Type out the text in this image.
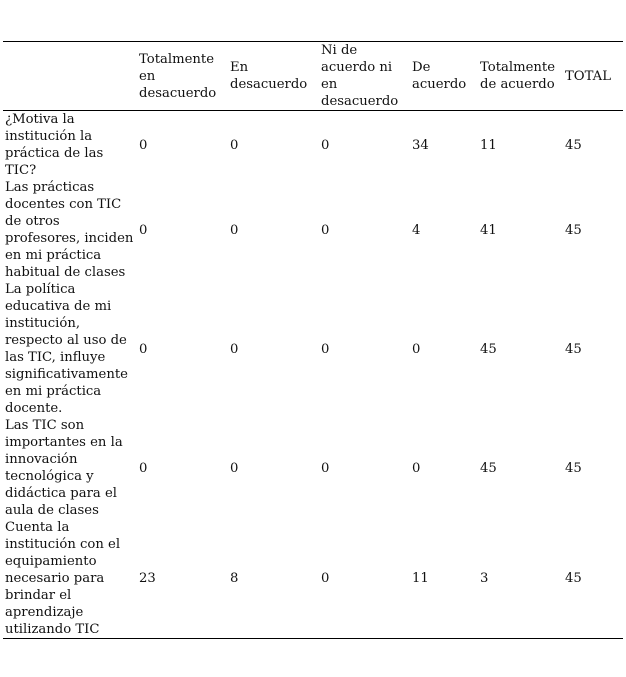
	Totalmente en desacuerdo	En desacuerdo	Ni de acuerdo ni en desacuerdo	De acuerdo	Totalmente de acuerdo	TOTAL
¿Motiva la institución la práctica de las TIC?	0	0	0	34	11	45
Las prácticas docentes con TIC de otros profesores, inciden en mi práctica habitual de clases	0	0	0	4	41	45
La política educativa de mi institución, respecto al uso de las TIC, influye significativamente en mi práctica docente.	0	0	0	0	45	45
Las TIC son importantes en la innovación tecnológica y didáctica para el aula de clases	0	0	0	0	45	45
Cuenta la institución con el equipamiento necesario para brindar el aprendizaje utilizando TIC	23	8	0	11	3	45
